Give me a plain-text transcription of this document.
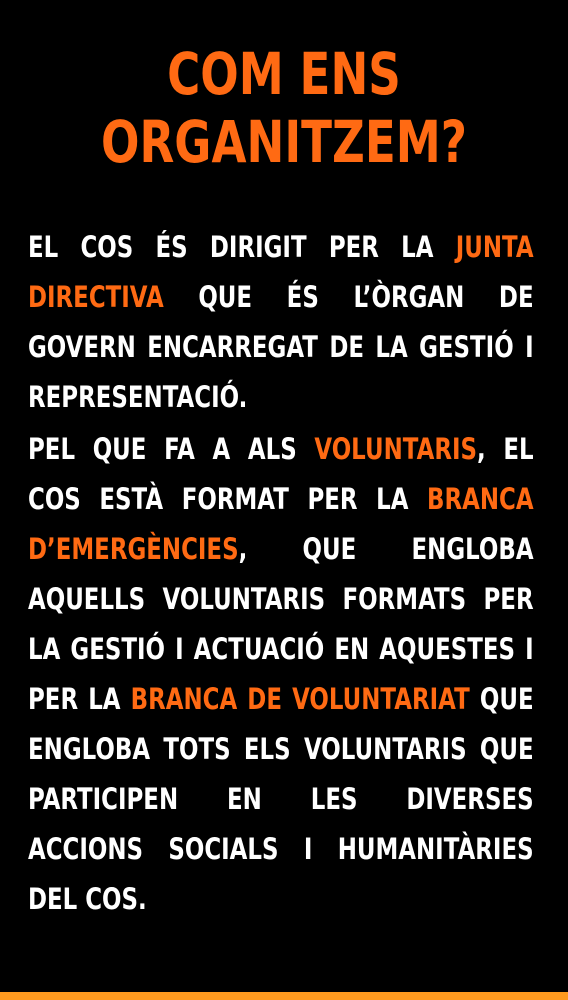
COM ENS
ORGANITZEM?
EL COS ÉS DIRIGIT PER LA JUNTA DIRECTIVA QUE ÉS L’ÒRGAN DE GOVERN ENCARREGAT DE LA GESTIÓ I REPRESENTACIÓ.
PEL QUE FA A ALS VOLUNTARIS, EL COS ESTÀ FORMAT PER LA BRANCA D’EMERGÈNCIES, QUE ENGLOBA AQUELLS VOLUNTARIS FORMATS PER LA GESTIÓ I ACTUACIÓ EN AQUESTES I PER LA BRANCA DE VOLUNTARIAT QUE ENGLOBA TOTS ELS VOLUNTARIS QUE PARTICIPEN EN LES DIVERSES ACCIONS SOCIALS I HUMANITÀRIES DEL COS.
